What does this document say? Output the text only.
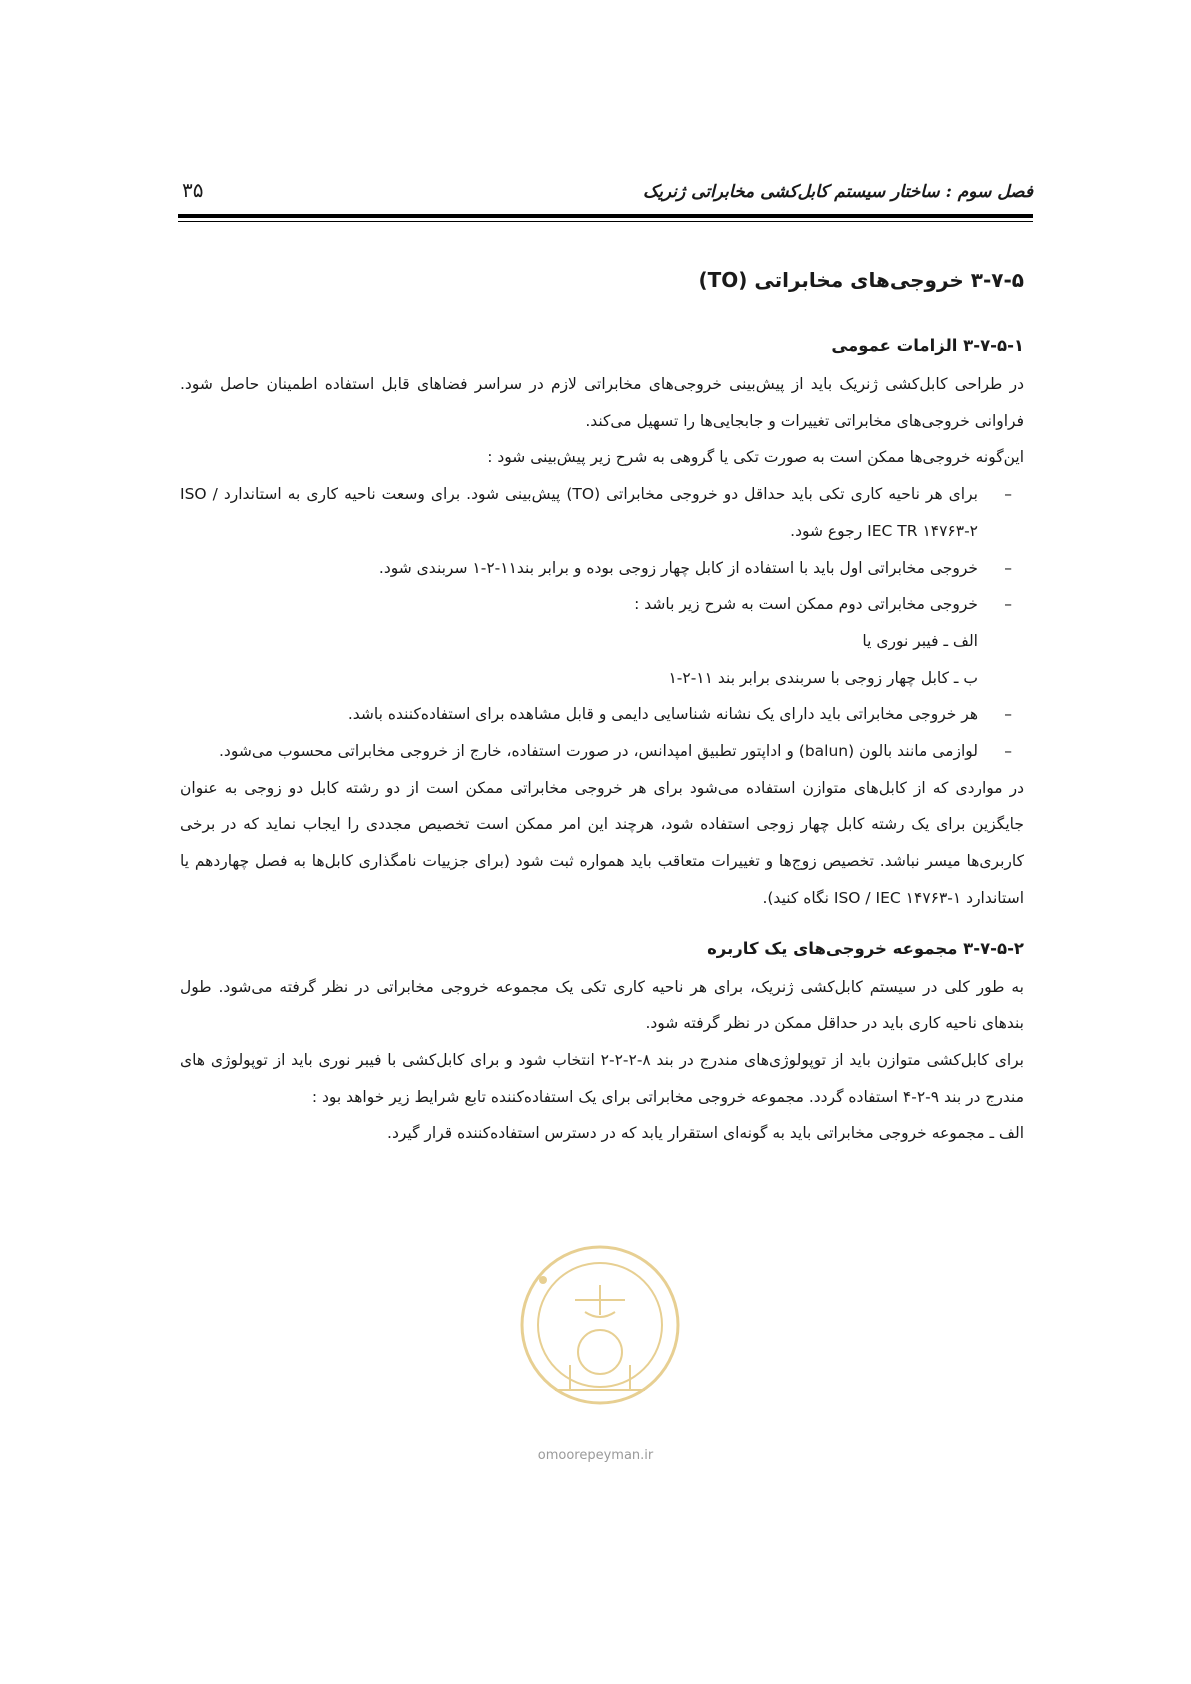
فصل سوم : ساختار سیستم کابل‌کشی مخابراتی ژنریک
۳۵
۳-۷-۵ خروجی‌های مخابراتی (TO)
۳-۷-۵-۱ الزامات عمومی

در طراحی کابل‌کشی ژنریک باید از پیش‌بینی خروجی‌های مخابراتی لازم در سراسر فضاهای قابل استفاده اطمینان حاصل شود. فراوانی خروجی‌های مخابراتی تغییرات و جابجایی‌ها را تسهیل می‌کند.

این‌گونه خروجی‌ها ممکن است به صورت تکی یا گروهی به شرح زیر پیش‌بینی شود :

– برای هر ناحیه کاری تکی باید حداقل دو خروجی مخابراتی (TO) پیش‌بینی شود. برای وسعت ناحیه کاری به استاندارد ISO / IEC TR ۱۴۷۶۳-۲ رجوع شود.
– خروجی مخابراتی اول باید با استفاده از کابل چهار زوجی بوده و برابر بند۱۱-۲-۱ سربندی شود.
– خروجی مخابراتی دوم ممکن است به شرح زیر باشد :
الف ـ فیبر نوری یا
ب ـ کابل چهار زوجی با سربندی برابر بند ۱۱-۲-۱
– هر خروجی مخابراتی باید دارای یک نشانه شناسایی دایمی و قابل مشاهده برای استفاده‌کننده باشد.
– لوازمی مانند بالون (balun) و اداپتور تطبیق امپدانس، در صورت استفاده، خارج از خروجی مخابراتی محسوب می‌شود.

در مواردی که از کابل‌های متوازن استفاده می‌شود برای هر خروجی مخابراتی ممکن است از دو رشته کابل دو زوجی به عنوان جایگزین برای یک رشته کابل چهار زوجی استفاده شود، هرچند این امر ممکن است تخصیص مجددی را ایجاب نماید که در برخی کاربری‌ها میسر نباشد. تخصیص زوج‌ها و تغییرات متعاقب باید همواره ثبت شود (برای جزییات نامگذاری کابل‌ها به فصل چهاردهم یا استاندارد ISO / IEC ۱۴۷۶۳-۱ نگاه کنید).

۳-۷-۵-۲ مجموعه خروجی‌های یک کاربره

به طور کلی در سیستم کابل‌کشی ژنریک، برای هر ناحیه کاری تکی یک مجموعه خروجی مخابراتی در نظر گرفته می‌شود. طول بندهای ناحیه کاری باید در حداقل ممکن در نظر گرفته شود.

برای کابل‌کشی متوازن باید از توپولوژی‌های مندرج در بند ۸-۲-۲-۲ انتخاب شود و برای کابل‌کشی با فیبر نوری باید از توپولوژی های مندرج در بند ۹-۲-۴ استفاده گردد. مجموعه خروجی مخابراتی برای یک استفاده‌کننده تابع شرایط زیر خواهد بود :

الف ـ مجموعه خروجی مخابراتی باید به گونه‌ای استقرار یابد که در دسترس استفاده‌کننده قرار گیرد.

omoorepeyman.ir
